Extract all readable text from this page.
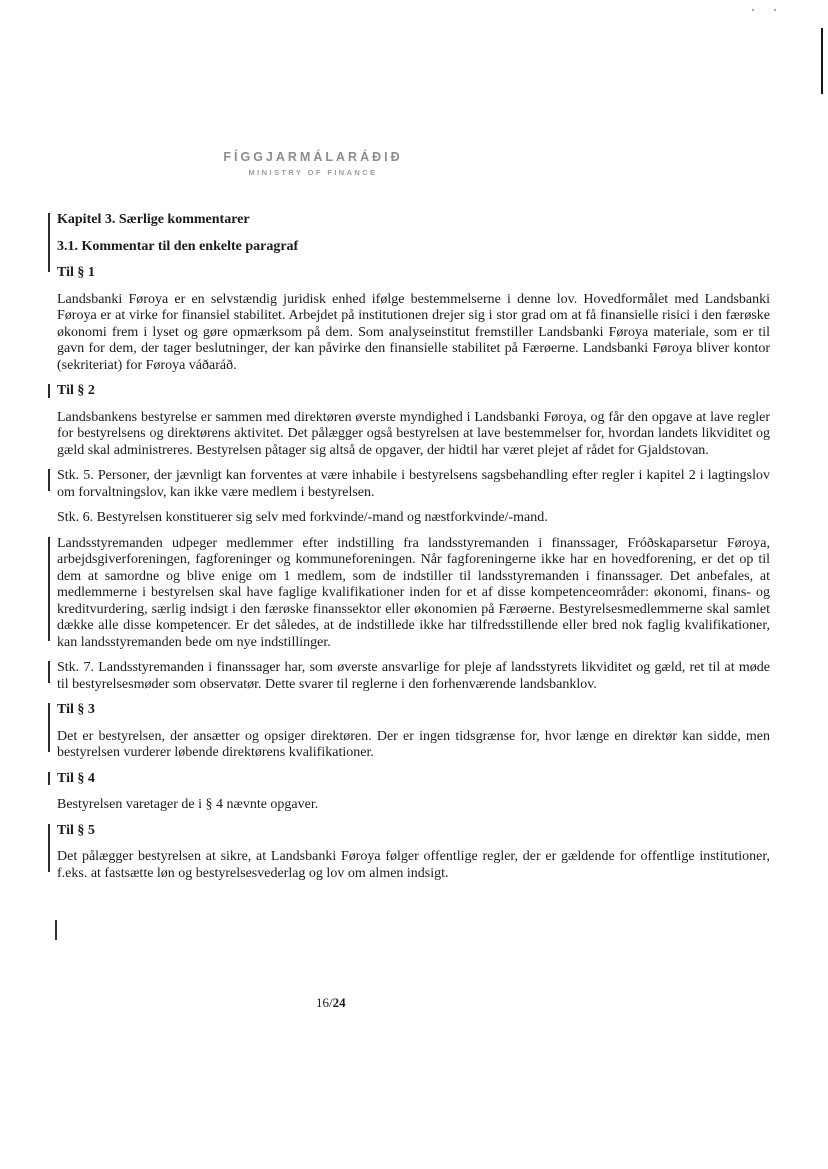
FÍGGJARMÁLARÁÐIÐ
MINISTRY OF FINANCE
Kapitel 3. Særlige kommentarer
3.1. Kommentar til den enkelte paragraf
Til § 1

Landsbanki Føroya er en selvstændig juridisk enhed ifølge bestemmelserne i denne lov. Hovedformålet med Landsbanki Føroya er at virke for finansiel stabilitet. Arbejdet på institutionen drejer sig i stor grad om at få finansielle risici i den færøske økonomi frem i lyset og gøre opmærksom på dem. Som analyseinstitut fremstiller Landsbanki Føroya materiale, som er til gavn for dem, der tager beslutninger, der kan påvirke den finansielle stabilitet på Færøerne. Landsbanki Føroya bliver kontor (sekriteriat) for Føroya váðaráð.

Til § 2

Landsbankens bestyrelse er sammen med direktøren øverste myndighed i Landsbanki Føroya, og får den opgave at lave regler for bestyrelsens og direktørens aktivitet. Det pålægger også bestyrelsen at lave bestemmelser for, hvordan landets likviditet og gæld skal administreres. Bestyrelsen påtager sig altså de opgaver, der hidtil har været plejet af rådet for Gjaldstovan.

Stk. 5. Personer, der jævnligt kan forventes at være inhabile i bestyrelsens sagsbehandling efter regler i kapitel 2 i lagtingslov om forvaltningslov, kan ikke være medlem i bestyrelsen.

Stk. 6. Bestyrelsen konstituerer sig selv med forkvinde/-mand og næstforkvinde/-mand.

Landsstyremanden udpeger medlemmer efter indstilling fra landsstyremanden i finanssager, Fróðskaparsetur Føroya, arbejdsgiverforeningen, fagforeninger og kommuneforeningen. Når fagforeningerne ikke har en hovedforening, er det op til dem at samordne og blive enige om 1 medlem, som de indstiller til landsstyremanden i finanssager. Det anbefales, at medlemmerne i bestyrelsen skal have faglige kvalifikationer inden for et af disse kompetenceområder: økonomi, finans- og kreditvurdering, særlig indsigt i den færøske finanssektor eller økonomien på Færøerne. Bestyrelsesmedlemmerne skal samlet dække alle disse kompetencer. Er det således, at de indstillede ikke har tilfredsstillende eller bred nok faglig kvalifikationer, kan landsstyremanden bede om nye indstillinger.

Stk. 7. Landsstyremanden i finanssager har, som øverste ansvarlige for pleje af landsstyrets likviditet og gæld, ret til at møde til bestyrelsesmøder som observatør. Dette svarer til reglerne i den forhenværende landsbanklov.

Til § 3

Det er bestyrelsen, der ansætter og opsiger direktøren. Der er ingen tidsgrænse for, hvor længe en direktør kan sidde, men bestyrelsen vurderer løbende direktørens kvalifikationer.

Til § 4

Bestyrelsen varetager de i § 4 nævnte opgaver.

Til § 5

Det pålægger bestyrelsen at sikre, at Landsbanki Føroya følger offentlige regler, der er gældende for offentlige institutioner, f.eks. at fastsætte løn og bestyrelsesvederlag og lov om almen indsigt.

16/24
